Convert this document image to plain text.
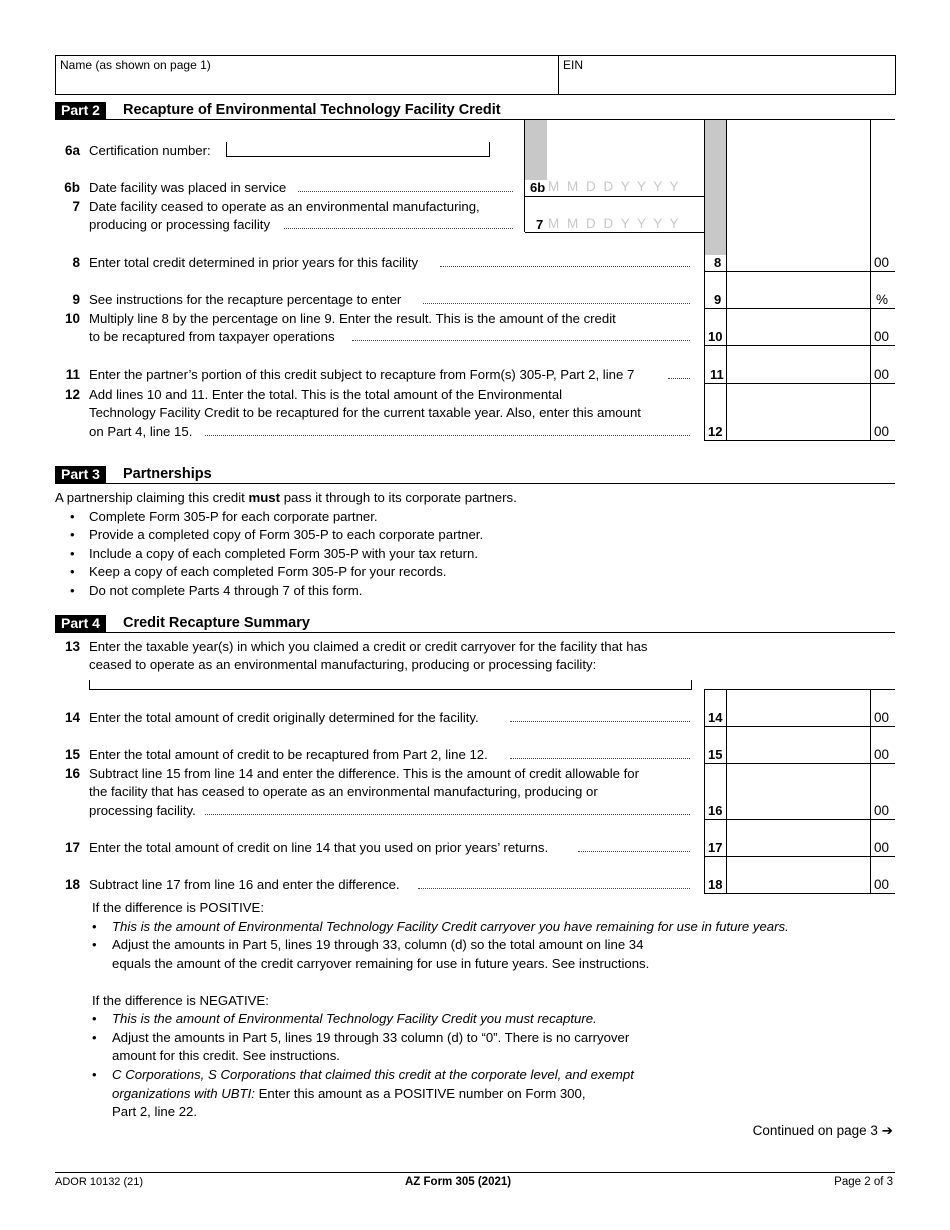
Name (as shown on page 1)	EIN
Part 2	Recapture of Environmental Technology Facility Credit
6a Certification number:
6b Date facility was placed in service	6b M M D D Y Y Y Y
7 Date facility ceased to operate as an environmental manufacturing,
producing or processing facility	7 M M D D Y Y Y Y
8 Enter total credit determined in prior years for this facility	8	00
9 See instructions for the recapture percentage to enter	9	%
10 Multiply line 8 by the percentage on line 9. Enter the result. This is the amount of the credit
to be recaptured from taxpayer operations	10	00
11 Enter the partner’s portion of this credit subject to recapture from Form(s) 305-P, Part 2, line 7	11	00
12 Add lines 10 and 11. Enter the total. This is the total amount of the Environmental
Technology Facility Credit to be recaptured for the current taxable year. Also, enter this amount
on Part 4, line 15.	12	00
Part 3	Partnerships
A partnership claiming this credit must pass it through to its corporate partners.
• Complete Form 305-P for each corporate partner.
• Provide a completed copy of Form 305-P to each corporate partner.
• Include a copy of each completed Form 305-P with your tax return.
• Keep a copy of each completed Form 305-P for your records.
• Do not complete Parts 4 through 7 of this form.
Part 4	Credit Recapture Summary
13 Enter the taxable year(s) in which you claimed a credit or credit carryover for the facility that has
ceased to operate as an environmental manufacturing, producing or processing facility:
14 Enter the total amount of credit originally determined for the facility.	14	00
15 Enter the total amount of credit to be recaptured from Part 2, line 12.	15	00
16 Subtract line 15 from line 14 and enter the difference. This is the amount of credit allowable for
the facility that has ceased to operate as an environmental manufacturing, producing or
processing facility.	16	00
17 Enter the total amount of credit on line 14 that you used on prior years’ returns.	17	00
18 Subtract line 17 from line 16 and enter the difference.	18	00
If the difference is POSITIVE:
• This is the amount of Environmental Technology Facility Credit carryover you have remaining for use in future years.
• Adjust the amounts in Part 5, lines 19 through 33, column (d) so the total amount on line 34
equals the amount of the credit carryover remaining for use in future years. See instructions.
If the difference is NEGATIVE:
• This is the amount of Environmental Technology Facility Credit you must recapture.
• Adjust the amounts in Part 5, lines 19 through 33 column (d) to “0”. There is no carryover
amount for this credit. See instructions.
• C Corporations, S Corporations that claimed this credit at the corporate level, and exempt
organizations with UBTI: Enter this amount as a POSITIVE number on Form 300,
Part 2, line 22.
Continued on page 3 ➔
ADOR 10132 (21)	AZ Form 305 (2021)	Page 2 of 3
